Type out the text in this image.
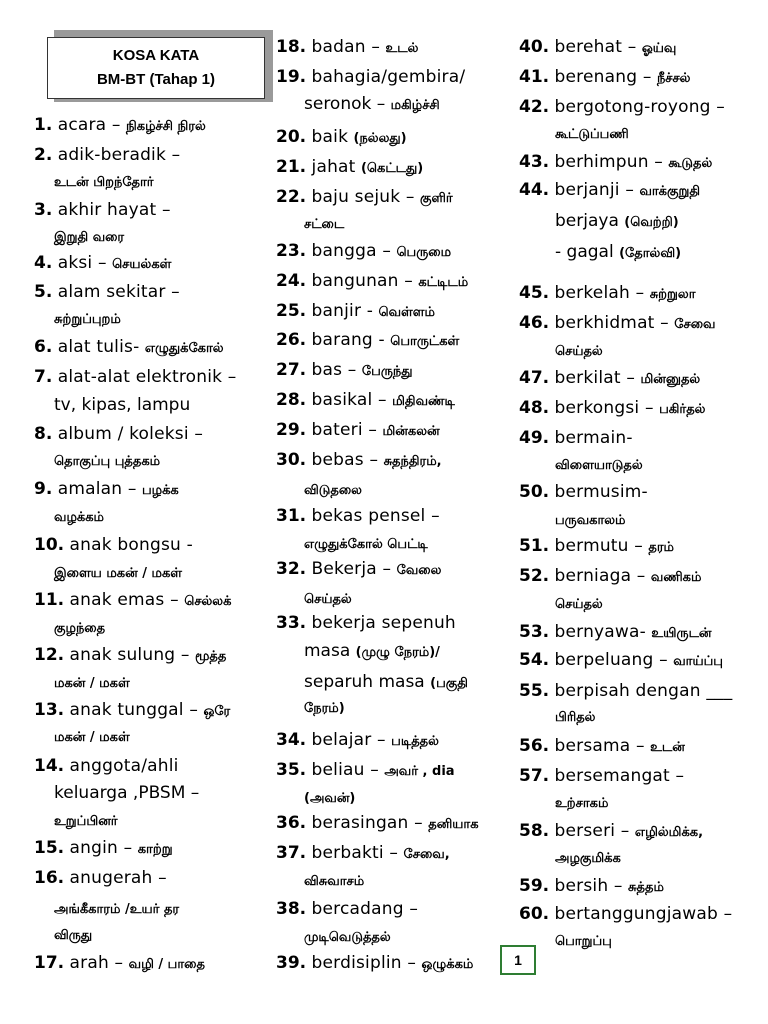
KOSA KATA
BM-BT (Tahap 1)
1. acara – நிகழ்ச்சி நிரல்
2. adik-beradik –
உடன் பிறந்தோர்
3. akhir hayat –
இறுதி வரை
4. aksi – செயல்கள்
5. alam sekitar –
சுற்றுப்புறம்
6. alat tulis- எழுதுக்கோல்
7. alat-alat elektronik –
tv, kipas, lampu
8. album / koleksi –
தொகுப்பு புத்தகம்
9. amalan – பழக்க
வழக்கம்
10. anak bongsu -
இளைய மகன் / மகள்
11. anak emas – செல்லக்
குழந்தை
12. anak sulung – மூத்த
மகன் / மகள்
13. anak tunggal – ஒரே
மகன் / மகள்
14. anggota/ahli
keluarga ,PBSM –
உறுப்பினர்
15. angin – காற்று
16. anugerah –
அங்கீகாரம் /உயர் தர
விருது
17. arah – வழி / பாதை
18. badan – உடல்
19. bahagia/gembira/
seronok – மகிழ்ச்சி
20. baik (நல்லது)
21. jahat (கெட்டது)
22. baju sejuk – குளிர்
சட்டை
23. bangga – பெருமை
24. bangunan – கட்டிடம்
25. banjir - வெள்ளம்
26. barang - பொருட்கள்
27. bas – பேருந்து
28. basikal – மிதிவண்டி
29. bateri – மின்கலன்
30. bebas – சுதந்திரம்,
விடுதலை
31. bekas pensel –
எழுதுக்கோல் பெட்டி
32. Bekerja – வேலை
செய்தல்
33. bekerja sepenuh
masa (முழு நேரம்)/
separuh masa (பகுதி
நேரம்)
34. belajar – படித்தல்
35. beliau – அவர் , dia
(அவன்)
36. berasingan – தனியாக
37. berbakti – சேவை,
விசுவாசம்
38. bercadang –
முடிவெடுத்தல்
39. berdisiplin – ஒழுக்கம்
40. berehat – ஓய்வு
41. berenang – நீச்சல்
42. bergotong-royong –
கூட்டுப்பணி
43. berhimpun – கூடுதல்
44. berjanji – வாக்குறுதி
berjaya (வெற்றி)
- gagal (தோல்வி)
45. berkelah – சுற்றுலா
46. berkhidmat – சேவை
செய்தல்
47. berkilat – மின்னுதல்
48. berkongsi – பகிர்தல்
49. bermain-
விளையாடுதல்
50. bermusim-
பருவகாலம்
51. bermutu – தரம்
52. berniaga – வணிகம்
செய்தல்
53. bernyawa- உயிருடன்
54. berpeluang – வாய்ப்பு
55. berpisah dengan ___
பிரிதல்
56. bersama – உடன்
57. bersemangat –
உற்சாகம்
58. berseri – எழில்மிக்க,
அழகுமிக்க
59. bersih – சுத்தம்
60. bertanggungjawab –
பொறுப்பு
1
